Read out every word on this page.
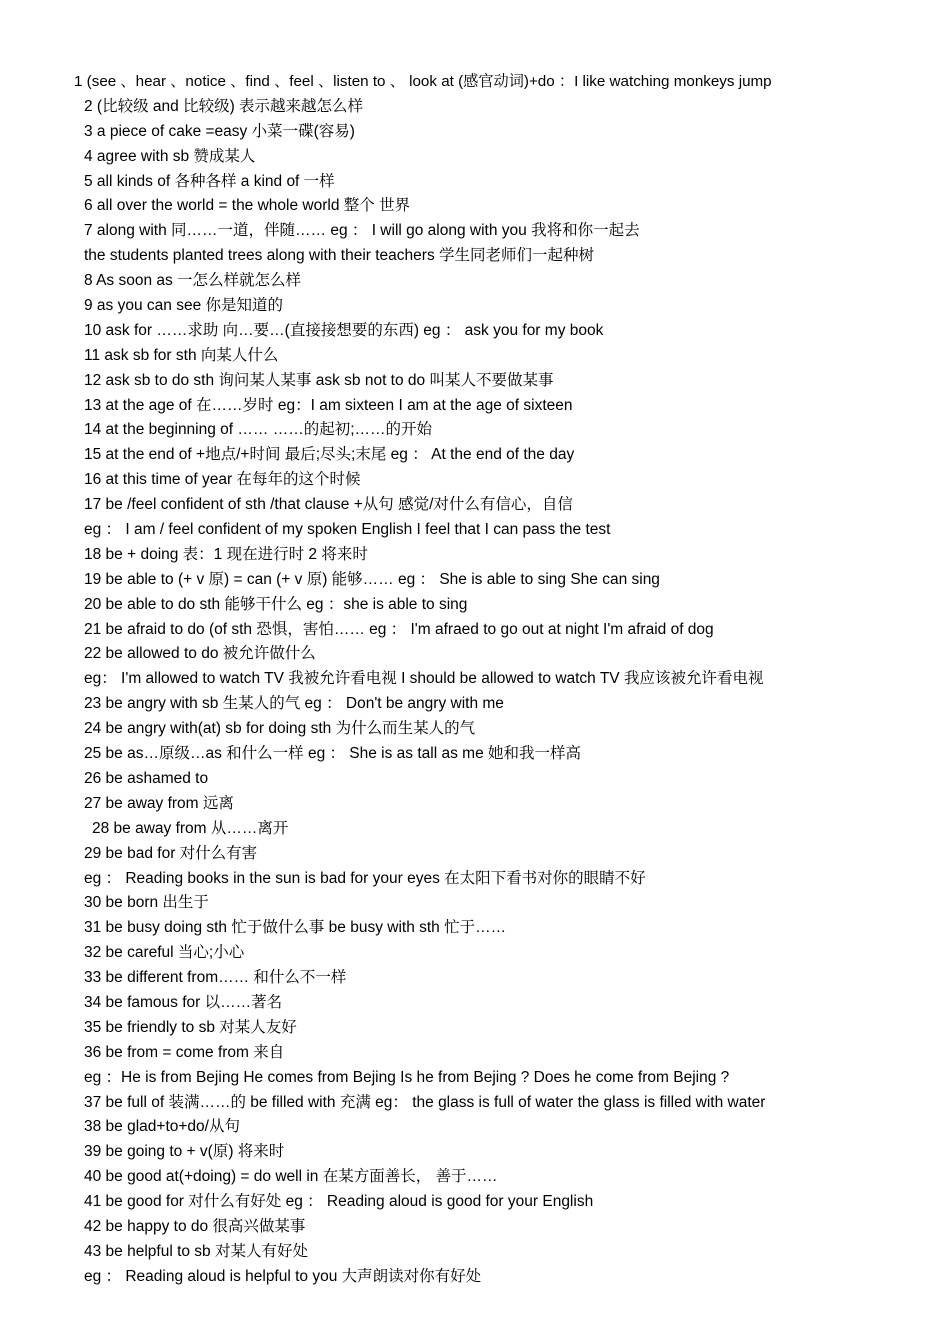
1 (see 、hear 、notice 、find 、feel 、listen to 、 look at (感官动词)+do ：I like watching monkeys jump
2 (比较级 and 比较级) 表示越来越怎么样
3 a piece of cake =easy 小菜一碟(容易)
4 agree with sb 赞成某人
5 all kinds of 各种各样 a kind of 一样
6 all over the world = the whole world 整个 世界
7 along with 同……一道，伴随…… eg ： I will go along with you 我将和你一起去
the students planted trees along with their teachers 学生同老师们一起种树
8 As soon as 一怎么样就怎么样
9 as you can see 你是知道的
10 ask for ……求助 向…要…(直接接想要的东西) eg ： ask you for my book
11 ask sb for sth 向某人什么
12 ask sb to do sth 询问某人某事 ask sb not to do 叫某人不要做某事
13 at the age of 在……岁时 eg：I am sixteen I am at the age of sixteen
14 at the beginning of …… ……的起初;……的开始
15 at the end of +地点/+时间 最后;尽头;末尾 eg ： At the end of the day
16 at this time of year 在每年的这个时候
17 be /feel confident of sth /that clause +从句 感觉/对什么有信心，自信
eg ： I am / feel confident of my spoken English I feel that I can pass the test
18 be + doing 表：1 现在进行时 2 将来时
19 be able to (+ v 原) = can (+ v 原) 能够…… eg ： She is able to sing She can sing
20 be able to do sth 能够干什么 eg ：she is able to sing
21 be afraid to do (of sth 恐惧，害怕…… eg ： I'm afraed to go out at night I'm afraid of dog
22 be allowed to do 被允许做什么
eg： I'm allowed to watch TV 我被允许看电视 I should be allowed to watch TV 我应该被允许看电视
23 be angry with sb 生某人的气 eg ： Don't be angry with me
24 be angry with(at) sb for doing sth 为什么而生某人的气
25 be as…原级…as 和什么一样 eg ： She is as tall as me 她和我一样高
26 be ashamed to
27 be away from 远离
28 be away from 从……离开
29 be bad for 对什么有害
eg ： Reading books in the sun is bad for your eyes 在太阳下看书对你的眼睛不好
30 be born 出生于
31 be busy doing sth 忙于做什么事 be busy with sth 忙于……
32 be careful 当心;小心
33 be different from…… 和什么不一样
34 be famous for 以……著名
35 be friendly to sb 对某人友好
36 be from = come from 来自
eg ：He is from Bejing He comes from Bejing Is he from Bejing ? Does he come from Bejing ?
37 be full of 装满……的 be filled with 充满 eg： the glass is full of water the glass is filled with water
38 be glad+to+do/从句
39 be going to + v(原) 将来时
40 be good at(+doing) = do well in 在某方面善长， 善于……
41 be good for 对什么有好处 eg ： Reading aloud is good for your English
42 be happy to do 很高兴做某事
43 be helpful to sb 对某人有好处
eg ： Reading aloud is helpful to you 大声朗读对你有好处
